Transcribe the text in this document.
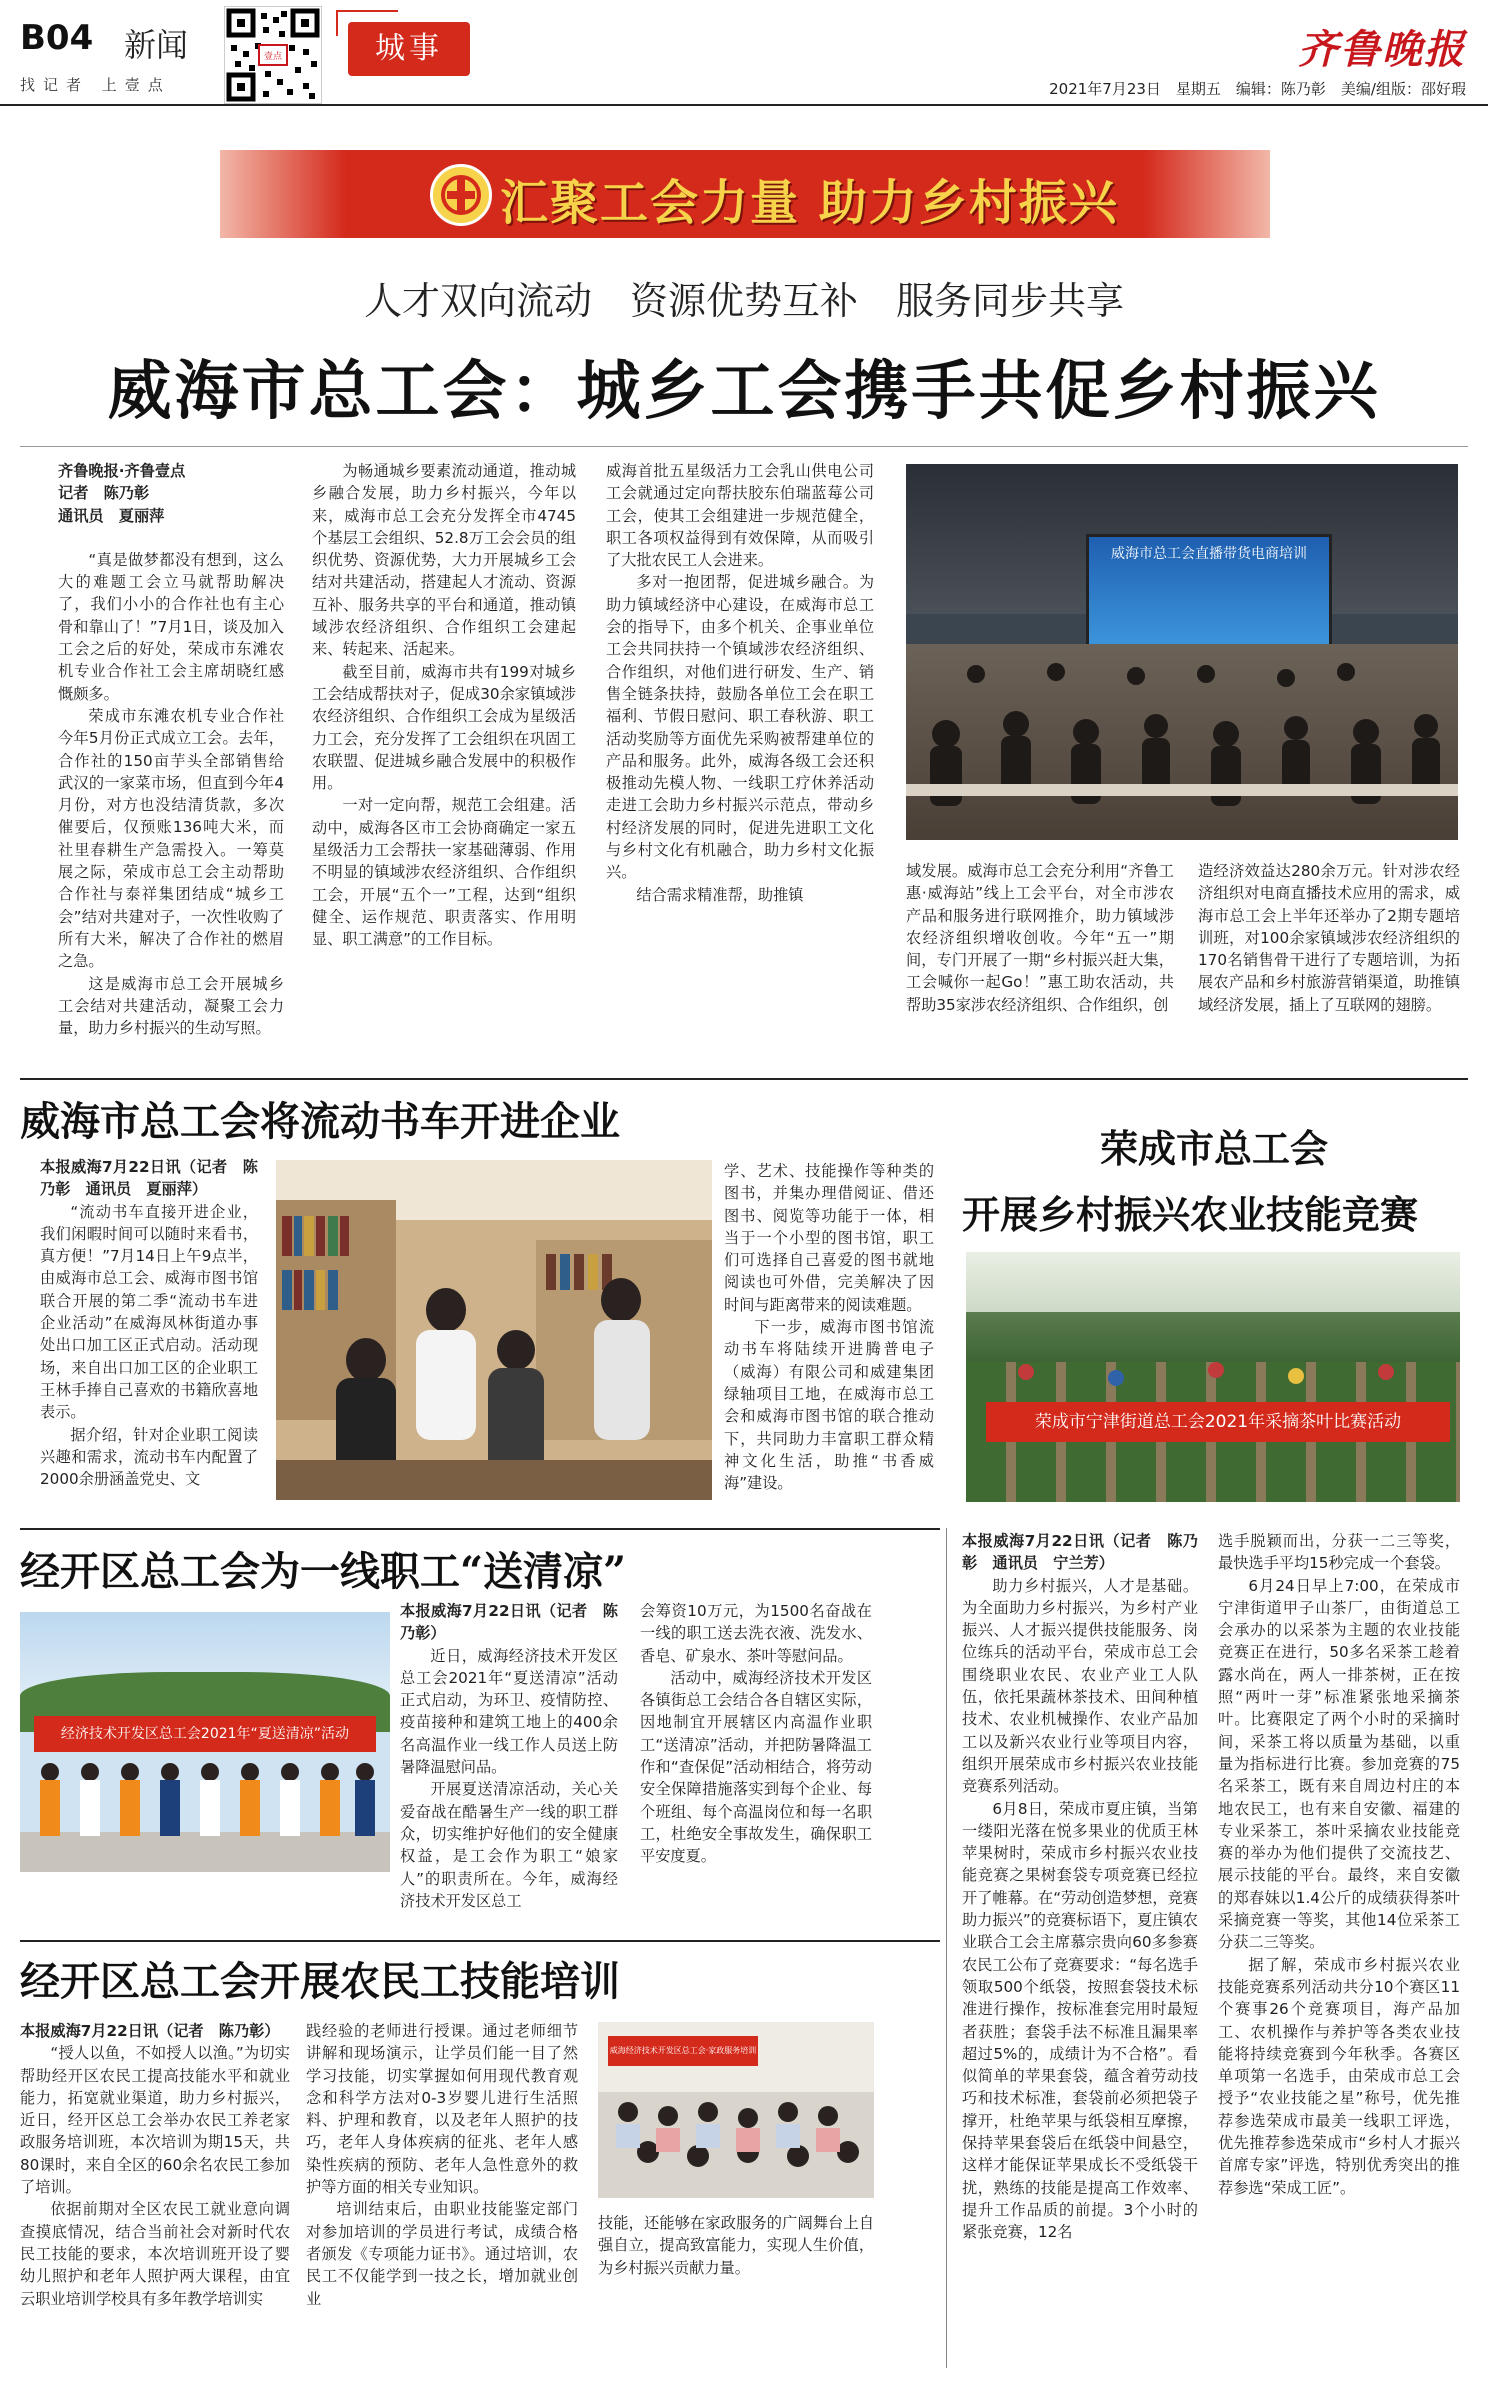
B04 新闻
找记者 上壹点
壹点	城事	齐鲁晚报
2021年7月23日　星期五　编辑：陈乃彰　美编/组版：邵好瑕
汇聚工会力量 助力乡村振兴
人才双向流动　资源优势互补　服务同步共享
威海市总工会：城乡工会携手共促乡村振兴

齐鲁晚报·齐鲁壹点

记者　陈乃彰

通讯员　夏丽萍

“真是做梦都没有想到，这么大的难题工会立马就帮助解决了，我们小小的合作社也有主心骨和靠山了！”7月1日，谈及加入工会之后的好处，荣成市东滩农机专业合作社工会主席胡晓红感慨颇多。

荣成市东滩农机专业合作社今年5月份正式成立工会。去年，合作社的150亩芋头全部销售给武汉的一家菜市场，但直到今年4月份，对方也没结清货款，多次催要后，仅预账136吨大米，而社里春耕生产急需投入。一筹莫展之际，荣成市总工会主动帮助合作社与泰祥集团结成“城乡工会”结对共建对子，一次性收购了所有大米，解决了合作社的燃眉之急。

这是威海市总工会开展城乡工会结对共建活动，凝聚工会力量，助力乡村振兴的生动写照。

为畅通城乡要素流动通道，推动城乡融合发展，助力乡村振兴，今年以来，威海市总工会充分发挥全市4745个基层工会组织、52.8万工会会员的组织优势、资源优势，大力开展城乡工会结对共建活动，搭建起人才流动、资源互补、服务共享的平台和通道，推动镇域涉农经济组织、合作组织工会建起来、转起来、活起来。

截至目前，威海市共有199对城乡工会结成帮扶对子，促成30余家镇域涉农经济组织、合作组织工会成为星级活力工会，充分发挥了工会组织在巩固工农联盟、促进城乡融合发展中的积极作用。

一对一定向帮，规范工会组建。活动中，威海各区市工会协商确定一家五星级活力工会帮扶一家基础薄弱、作用不明显的镇域涉农经济组织、合作组织工会，开展“五个一”工程，达到“组织健全、运作规范、职责落实、作用明显、职工满意”的工作目标。

威海首批五星级活力工会乳山供电公司工会就通过定向帮扶胶东伯瑞蓝莓公司工会，使其工会组建进一步规范健全，职工各项权益得到有效保障，从而吸引了大批农民工人会进来。

多对一抱团帮，促进城乡融合。为助力镇域经济中心建设，在威海市总工会的指导下，由多个机关、企事业单位工会共同扶持一个镇域涉农经济组织、合作组织，对他们进行研发、生产、销售全链条扶持，鼓励各单位工会在职工福利、节假日慰问、职工春秋游、职工活动奖励等方面优先采购被帮建单位的产品和服务。此外，威海各级工会还积极推动先模人物、一线职工疗休养活动走进工会助力乡村振兴示范点，带动乡村经济发展的同时，促进先进职工文化与乡村文化有机融合，助力乡村文化振兴。

结合需求精准帮，助推镇

威海市总工会直播带货电商培训

域发展。威海市总工会充分利用“齐鲁工惠·威海站”线上工会平台，对全市涉农产品和服务进行联网推介，助力镇域涉农经济组织增收创收。今年“五一”期间，专门开展了一期“乡村振兴赶大集，工会喊你一起Go！”惠工助农活动，共帮助35家涉农经济组织、合作组织，创

造经济效益达280余万元。针对涉农经济组织对电商直播技术应用的需求，威海市总工会上半年还举办了2期专题培训班，对100余家镇域涉农经济组织的170名销售骨干进行了专题培训，为拓展农产品和乡村旅游营销渠道，助推镇域经济发展，插上了互联网的翅膀。

威海市总工会将流动书车开进企业

本报威海7月22日讯（记者　陈乃彰　通讯员　夏丽萍）

“流动书车直接开进企业，我们闲暇时间可以随时来看书，真方便！”7月14日上午9点半，由威海市总工会、威海市图书馆联合开展的第二季“流动书车进企业活动”在威海凤林街道办事处出口加工区正式启动。活动现场，来自出口加工区的企业职工王林手捧自己喜欢的书籍欣喜地表示。

据介绍，针对企业职工阅读兴趣和需求，流动书车内配置了2000余册涵盖党史、文

荣成市总工会
开展乡村振兴农业技能竞赛
荣成市宁津街道总工会2021年采摘茶叶比赛活动
经开区总工会为一线职工“送清凉”
经济技术开发区总工会2021年“夏送清凉”活动

本报威海7月22日讯（记者　陈乃彰）

近日，威海经济技术开发区总工会2021年“夏送清凉”活动正式启动，为环卫、疫情防控、疫苗接种和建筑工地上的400余名高温作业一线工作人员送上防暑降温慰问品。

开展夏送清凉活动，关心关爱奋战在酷暑生产一线的职工群众，切实维护好他们的安全健康权益，是工会作为职工“娘家人”的职责所在。今年，威海经济技术开发区总工

会筹资10万元，为1500名奋战在一线的职工送去洗衣液、洗发水、香皂、矿泉水、茶叶等慰问品。

活动中，威海经济技术开发区各镇街总工会结合各自辖区实际，因地制宜开展辖区内高温作业职工“送清凉”活动，并把防暑降温工作和“查保促”活动相结合，将劳动安全保障措施落实到每个企业、每个班组、每个高温岗位和每一名职工，杜绝安全事故发生，确保职工平安度夏。

经开区总工会开展农民工技能培训

本报威海7月22日讯（记者　陈乃彰）

“授人以鱼，不如授人以渔。”为切实帮助经开区农民工提高技能水平和就业能力，拓宽就业渠道，助力乡村振兴，近日，经开区总工会举办农民工养老家政服务培训班，本次培训为期15天，共80课时，来自全区的60余名农民工参加了培训。

依据前期对全区农民工就业意向调查摸底情况，结合当前社会对新时代农民工技能的要求，本次培训班开设了婴幼儿照护和老年人照护两大课程，由宜云职业培训学校具有多年教学培训实

践经验的老师进行授课。通过老师细节讲解和现场演示，让学员们能一目了然学习技能，切实掌握如何用现代教育观念和科学方法对0-3岁婴儿进行生活照料、护理和教育，以及老年人照护的技巧，老年人身体疾病的征兆、老年人感染性疾病的预防、老年人急性意外的救护等方面的相关专业知识。

培训结束后，由职业技能鉴定部门对参加培训的学员进行考试，成绩合格者颁发《专项能力证书》。通过培训，农民工不仅能学到一技之长，增加就业创业

威海经济技术开发区总工会·家政服务培训

技能，还能够在家政服务的广阔舞台上自强自立，提高致富能力，实现人生价值，为乡村振兴贡献力量。

本报威海7月22日讯（记者　陈乃彰　通讯员　宁兰芳）

助力乡村振兴，人才是基础。为全面助力乡村振兴，为乡村产业振兴、人才振兴提供技能服务、岗位练兵的活动平台，荣成市总工会围绕职业农民、农业产业工人队伍，依托果蔬林茶技术、田间种植技术、农业机械操作、农业产品加工以及新兴农业行业等项目内容，组织开展荣成市乡村振兴农业技能竞赛系列活动。

6月8日，荣成市夏庄镇，当第一缕阳光落在悦多果业的优质王林苹果树时，荣成市乡村振兴农业技能竞赛之果树套袋专项竞赛已经拉开了帷幕。在“劳动创造梦想，竞赛助力振兴”的竞赛标语下，夏庄镇农业联合工会主席慕宗贵向60多参赛农民工公布了竞赛要求：“每名选手领取500个纸袋，按照套袋技术标准进行操作，按标准套完用时最短者获胜；套袋手法不标准且漏果率超过5%的，成绩计为不合格”。看似简单的苹果套袋，蕴含着劳动技巧和技术标准，套袋前必须把袋子撑开，杜绝苹果与纸袋相互摩擦，保持苹果套袋后在纸袋中间悬空，这样才能保证苹果成长不受纸袋干扰，熟练的技能是提高工作效率、提升工作品质的前提。3个小时的紧张竞赛，12名

选手脱颖而出，分获一二三等奖，最快选手平均15秒完成一个套袋。

6月24日早上7:00，在荣成市宁津街道甲子山茶厂，由街道总工会承办的以采茶为主题的农业技能竞赛正在进行，50多名采茶工趁着露水尚在，两人一排茶树，正在按照“两叶一芽”标准紧张地采摘茶叶。比赛限定了两个小时的采摘时间，采茶工将以质量为基础，以重量为指标进行比赛。参加竞赛的75名采茶工，既有来自周边村庄的本地农民工，也有来自安徽、福建的专业采茶工，茶叶采摘农业技能竞赛的举办为他们提供了交流技艺、展示技能的平台。最终，来自安徽的郑春妹以1.4公斤的成绩获得茶叶采摘竞赛一等奖，其他14位采茶工分获二三等奖。

据了解，荣成市乡村振兴农业技能竞赛系列活动共分10个赛区11个赛事26个竞赛项目，海产品加工、农机操作与养护等各类农业技能将持续竞赛到今年秋季。各赛区单项第一名选手，由荣成市总工会授予“农业技能之星”称号，优先推荐参选荣成市最美一线职工评选，优先推荐参选荣成市“乡村人才振兴首席专家”评选，特别优秀突出的推荐参选“荣成工匠”。

学、艺术、技能操作等种类的图书，并集办理借阅证、借还图书、阅览等功能于一体，相当于一个小型的图书馆，职工们可选择自己喜爱的图书就地阅读也可外借，完美解决了因时间与距离带来的阅读难题。

下一步，威海市图书馆流动书车将陆续开进腾普电子（威海）有限公司和威建集团绿轴项目工地，在威海市总工会和威海市图书馆的联合推动下，共同助力丰富职工群众精神文化生活，助推“书香威海”建设。
